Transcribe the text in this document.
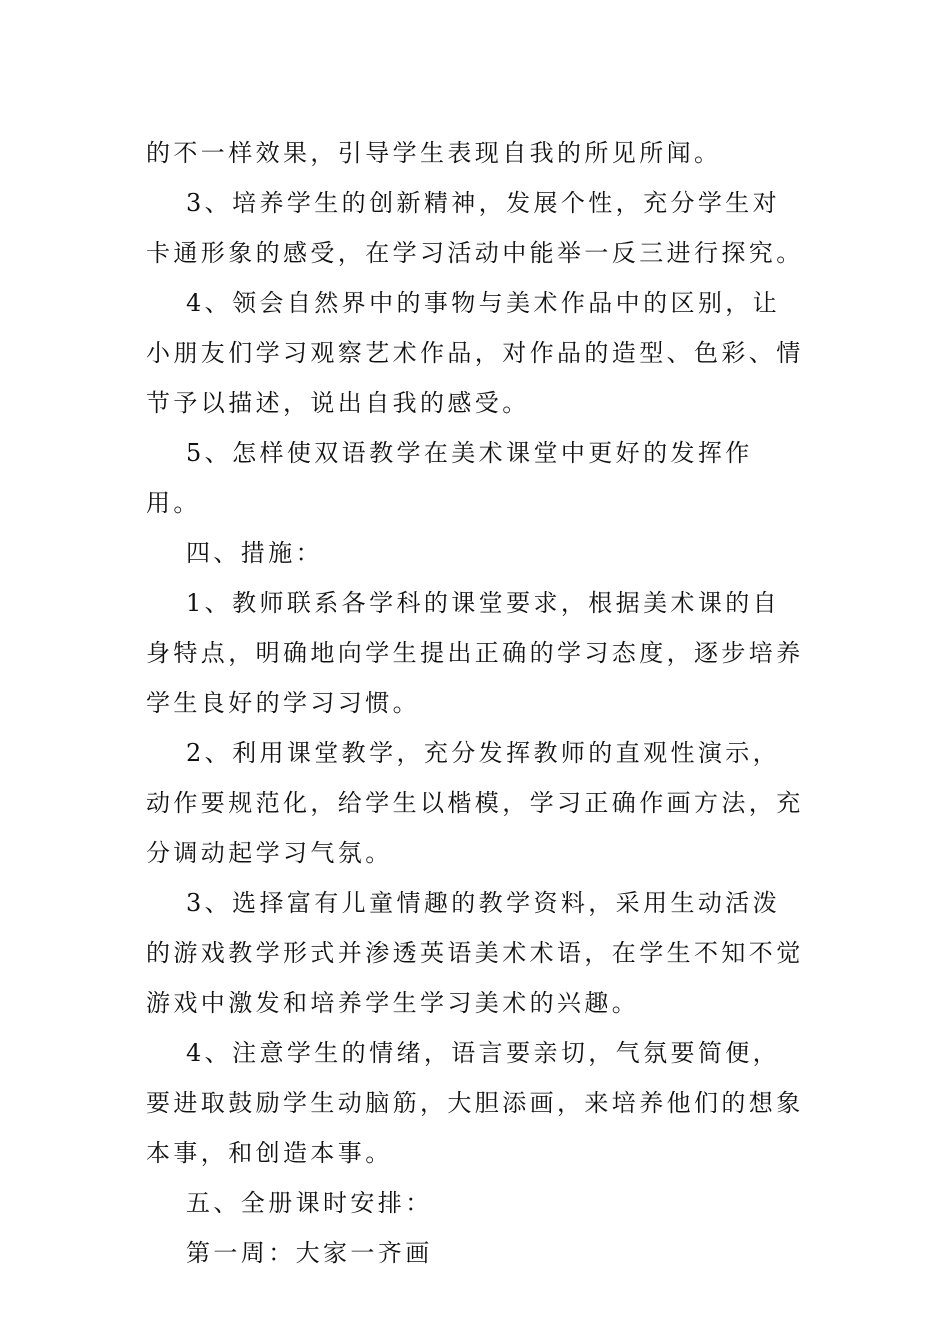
的不一样效果，引导学生表现自我的所见所闻。

3、培养学生的创新精神，发展个性，充分学生对卡通形象的感受，在学习活动中能举一反三进行探究。

4、领会自然界中的事物与美术作品中的区别，让小朋友们学习观察艺术作品，对作品的造型、色彩、情节予以描述，说出自我的感受。

5、怎样使双语教学在美术课堂中更好的发挥作用。

四、措施：

1、教师联系各学科的课堂要求，根据美术课的自身特点，明确地向学生提出正确的学习态度，逐步培养学生良好的学习习惯。

2、利用课堂教学，充分发挥教师的直观性演示，动作要规范化，给学生以楷模，学习正确作画方法，充分调动起学习气氛。

3、选择富有儿童情趣的教学资料，采用生动活泼的游戏教学形式并渗透英语美术术语，在学生不知不觉游戏中激发和培养学生学习美术的兴趣。

4、注意学生的情绪，语言要亲切，气氛要简便，要进取鼓励学生动脑筋，大胆添画，来培养他们的想象本事，和创造本事。

五、全册课时安排：

第一周：大家一齐画
